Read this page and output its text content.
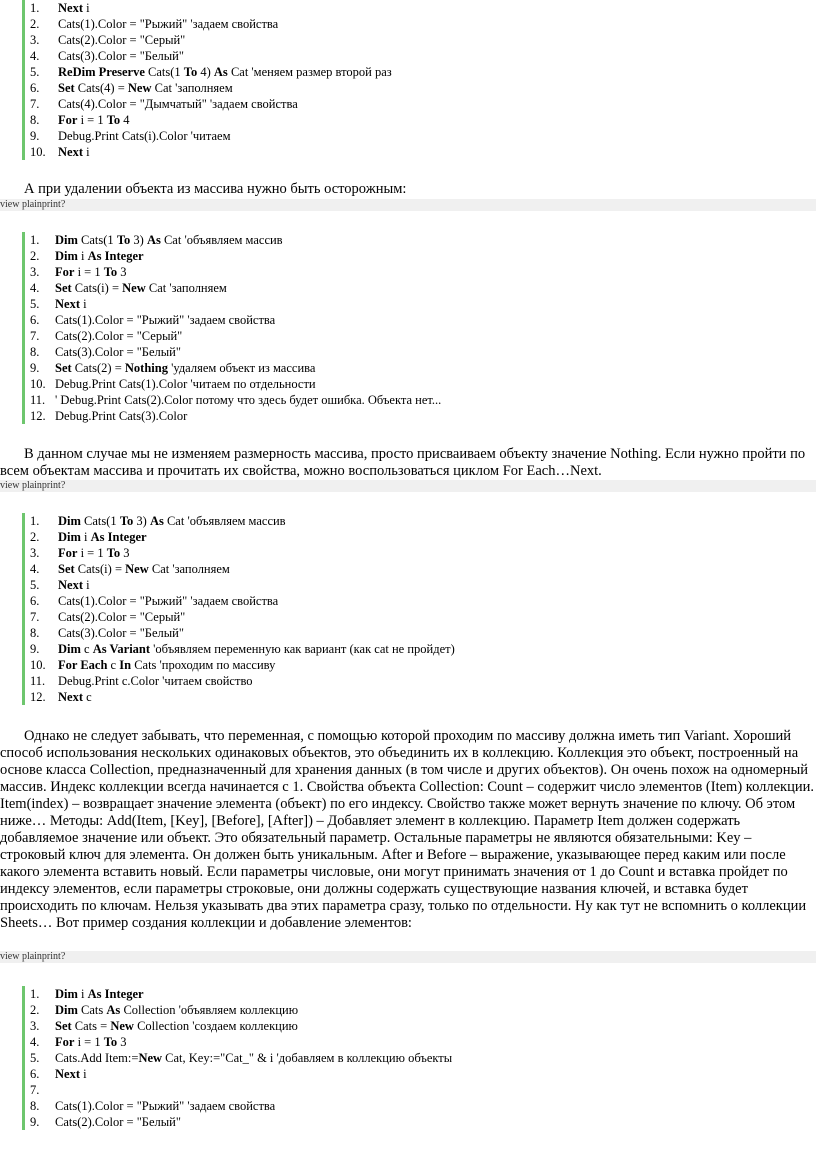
1. Next i
2. Cats(1).Color = "Рыжий" 'задаем свойства
3. Cats(2).Color = "Серый"
4. Cats(3).Color = "Белый"
5. ReDim Preserve Cats(1 To 4) As Cat 'меняем размер второй раз
6. Set Cats(4) = New Cat 'заполняем
7. Cats(4).Color = "Дымчатый" 'задаем свойства
8. For i = 1 To 4
9. Debug.Print Cats(i).Color 'читаем
10. Next i

А при удалении объекта из массива нужно быть осторожным:

view plainprint?
1. Dim Cats(1 To 3) As Cat 'объявляем массив
2. Dim i As Integer
3. For i = 1 To 3
4. Set Cats(i) = New Cat 'заполняем
5. Next i
6. Cats(1).Color = "Рыжий" 'задаем свойства
7. Cats(2).Color = "Серый"
8. Cats(3).Color = "Белый"
9. Set Cats(2) = Nothing 'удаляем объект из массива
10. Debug.Print Cats(1).Color 'читаем по отдельности
11. ' Debug.Print Cats(2).Color потому что здесь будет ошибка. Объекта нет...
12. Debug.Print Cats(3).Color

В данном случае мы не изменяем размерность массива, просто присваиваем объекту значение Nothing. Если нужно пройти по всем объектам массива и прочитать их свойства, можно воспользоваться циклом For Each…Next.

view plainprint?
1. Dim Cats(1 To 3) As Cat 'объявляем массив
2. Dim i As Integer
3. For i = 1 To 3
4. Set Cats(i) = New Cat 'заполняем
5. Next i
6. Cats(1).Color = "Рыжий" 'задаем свойства
7. Cats(2).Color = "Серый"
8. Cats(3).Color = "Белый"
9. Dim c As Variant 'объявляем переменную как вариант (как cat не пройдет)
10. For Each c In Cats 'проходим по массиву
11. Debug.Print c.Color 'читаем свойство
12. Next c

Однако не следует забывать, что переменная, с помощью которой проходим по массиву должна иметь тип Variant. Хороший способ использования нескольких одинаковых объектов, это объединить их в коллекцию. Коллекция это объект, построенный на основе класса Collection, предназначенный для хранения данных (в том числе и других объектов). Он очень похож на одномерный массив. Индекс коллекции всегда начинается с 1. Свойства объекта Collection: Count – содержит число элементов (Item) коллекции. Item(index) – возвращает значение элемента (объект) по его индексу. Свойство также может вернуть значение по ключу. Об этом ниже… Методы: Add(Item, [Key], [Before], [After]) – Добавляет элемент в коллекцию. Параметр Item должен содержать добавляемое значение или объект. Это обязательный параметр. Остальные параметры не являются обязательными: Key – строковый ключ для элемента. Он должен быть уникальным. After и Before – выражение, указывающее перед каким или после какого элемента вставить новый. Если параметры числовые, они могут принимать значения от 1 до Count и вставка пройдет по индексу элементов, если параметры строковые, они должны содержать существующие названия ключей, и вставка будет происходить по ключам. Нельзя указывать два этих параметра сразу, только по отдельности. Ну как тут не вспомнить о коллекции Sheets… Вот пример создания коллекции и добавление элементов:

view plainprint?
1. Dim i As Integer
2. Dim Cats As Collection 'объявляем коллекцию
3. Set Cats = New Collection 'создаем коллекцию
4. For i = 1 To 3
5. Cats.Add Item:=New Cat, Key:="Cat_" & i 'добавляем в коллекцию объекты
6. Next i
7.
8. Cats(1).Color = "Рыжий" 'задаем свойства
9. Cats(2).Color = "Белый"
